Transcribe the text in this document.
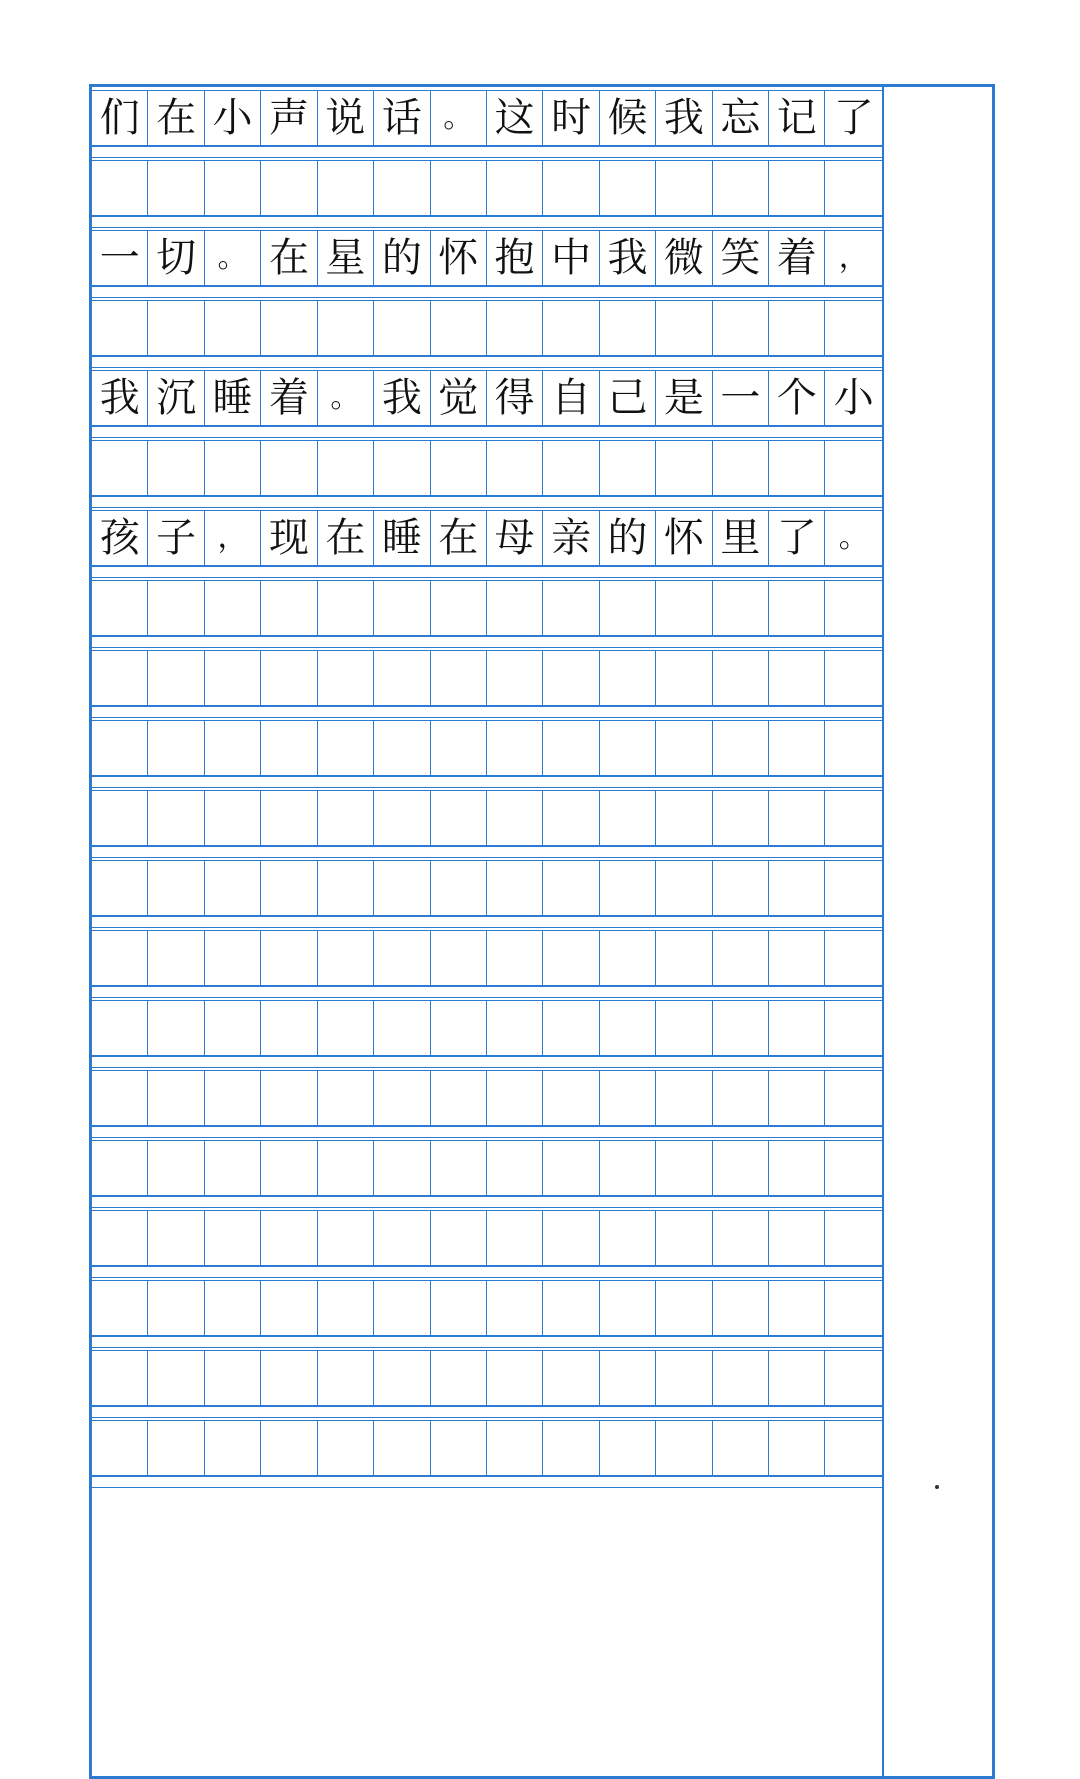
们 在 小 声 说 话 。 这 时 候 我 忘 记 了
一 切 。 在 星 的 怀 抱 中 我 微 笑 着 ，
我 沉 睡 着 。 我 觉 得 自 己 是 一 个 小
孩 子 ， 现 在 睡 在 母 亲 的 怀 里 了 。
